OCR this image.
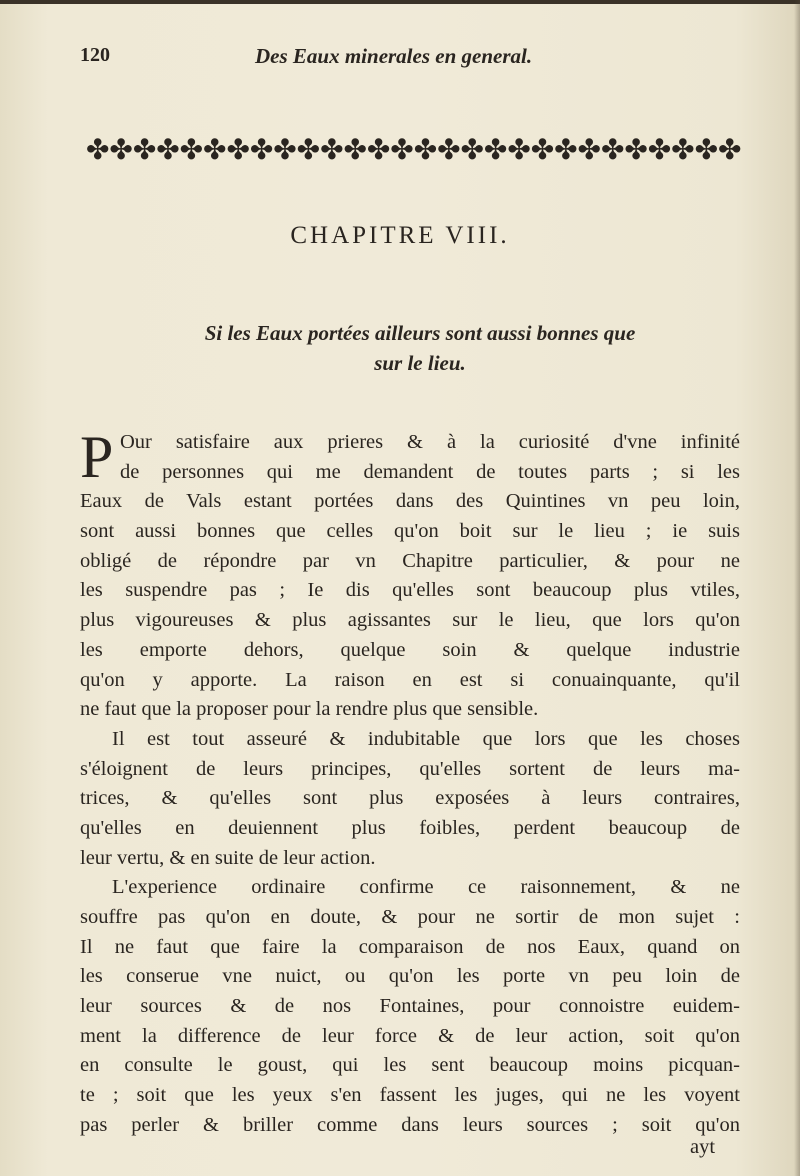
120	Des Eaux minerales en general.
✤ ✤ ✤ ✤ ✤ ✤ ✤ ✤ ✤ ✤ ✤ ✤ ✤ ✤ ✤ ✤ ✤ ✤ ✤ ✤ ✤ ✤ ✤ ✤ ✤ ✤ ✤ ✤
CHAPITRE VIII.
Si les Eaux portées ailleurs sont aussi bonnes que
sur le lieu.
P Our satisfaire aux prieres & à la curiosité d'vne infinité
de personnes qui me demandent de toutes parts ; si les
Eaux de Vals estant portées dans des Quintines vn peu loin,
sont aussi bonnes que celles qu'on boit sur le lieu ; ie suis
obligé de répondre par vn Chapitre particulier, & pour ne
les suspendre pas ; Ie dis qu'elles sont beaucoup plus vtiles,
plus vigoureuses & plus agissantes sur le lieu, que lors qu'on
les emporte dehors, quelque soin & quelque industrie
qu'on y apporte. La raison en est si conuainquante, qu'il
ne faut que la proposer pour la rendre plus que sensible.
Il est tout asseuré & indubitable que lors que les choses
s'éloignent de leurs principes, qu'elles sortent de leurs ma-
trices, & qu'elles sont plus exposées à leurs contraires,
qu'elles en deuiennent plus foibles, perdent beaucoup de
leur vertu, & en suite de leur action.
L'experience ordinaire confirme ce raisonnement, & ne
souffre pas qu'on en doute, & pour ne sortir de mon sujet :
Il ne faut que faire la comparaison de nos Eaux, quand on
les conserue vne nuict, ou qu'on les porte vn peu loin de
leur sources & de nos Fontaines, pour connoistre euidem-
ment la difference de leur force & de leur action, soit qu'on
en consulte le goust, qui les sent beaucoup moins picquan-
te ; soit que les yeux s'en fassent les juges, qui ne les voyent
pas perler & briller comme dans leurs sources ; soit qu'on
ayt
